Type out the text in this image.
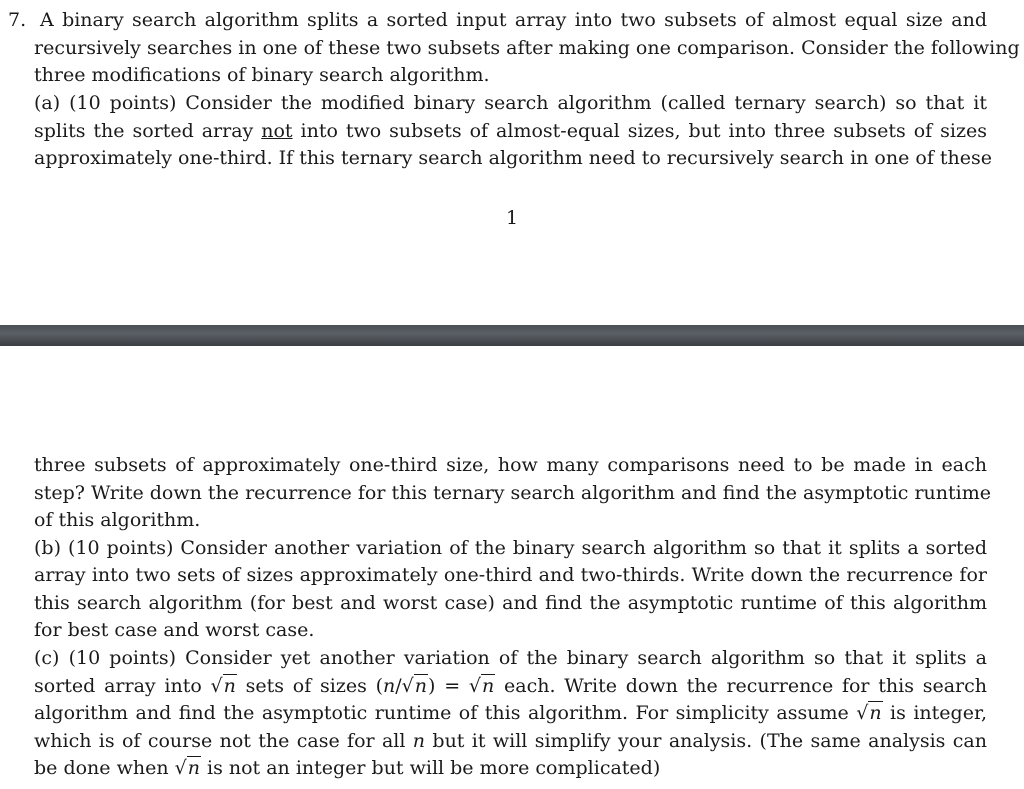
7. A binary search algorithm splits a sorted input array into two subsets of almost equal size and
recursively searches in one of these two subsets after making one comparison. Consider the following
three modifications of binary search algorithm.
(a) (10 points) Consider the modified binary search algorithm (called ternary search) so that it
splits the sorted array not into two subsets of almost-equal sizes, but into three subsets of sizes
approximately one-third. If this ternary search algorithm need to recursively search in one of these
1
three subsets of approximately one-third size, how many comparisons need to be made in each
step? Write down the recurrence for this ternary search algorithm and find the asymptotic runtime
of this algorithm.
(b) (10 points) Consider another variation of the binary search algorithm so that it splits a sorted
array into two sets of sizes approximately one-third and two-thirds. Write down the recurrence for
this search algorithm (for best and worst case) and find the asymptotic runtime of this algorithm
for best case and worst case.
(c) (10 points) Consider yet another variation of the binary search algorithm so that it splits a
sorted array into √n sets of sizes (n/√n) = √n each. Write down the recurrence for this search
algorithm and find the asymptotic runtime of this algorithm. For simplicity assume √n is integer,
which is of course not the case for all n but it will simplify your analysis. (The same analysis can
be done when √n is not an integer but will be more complicated)
